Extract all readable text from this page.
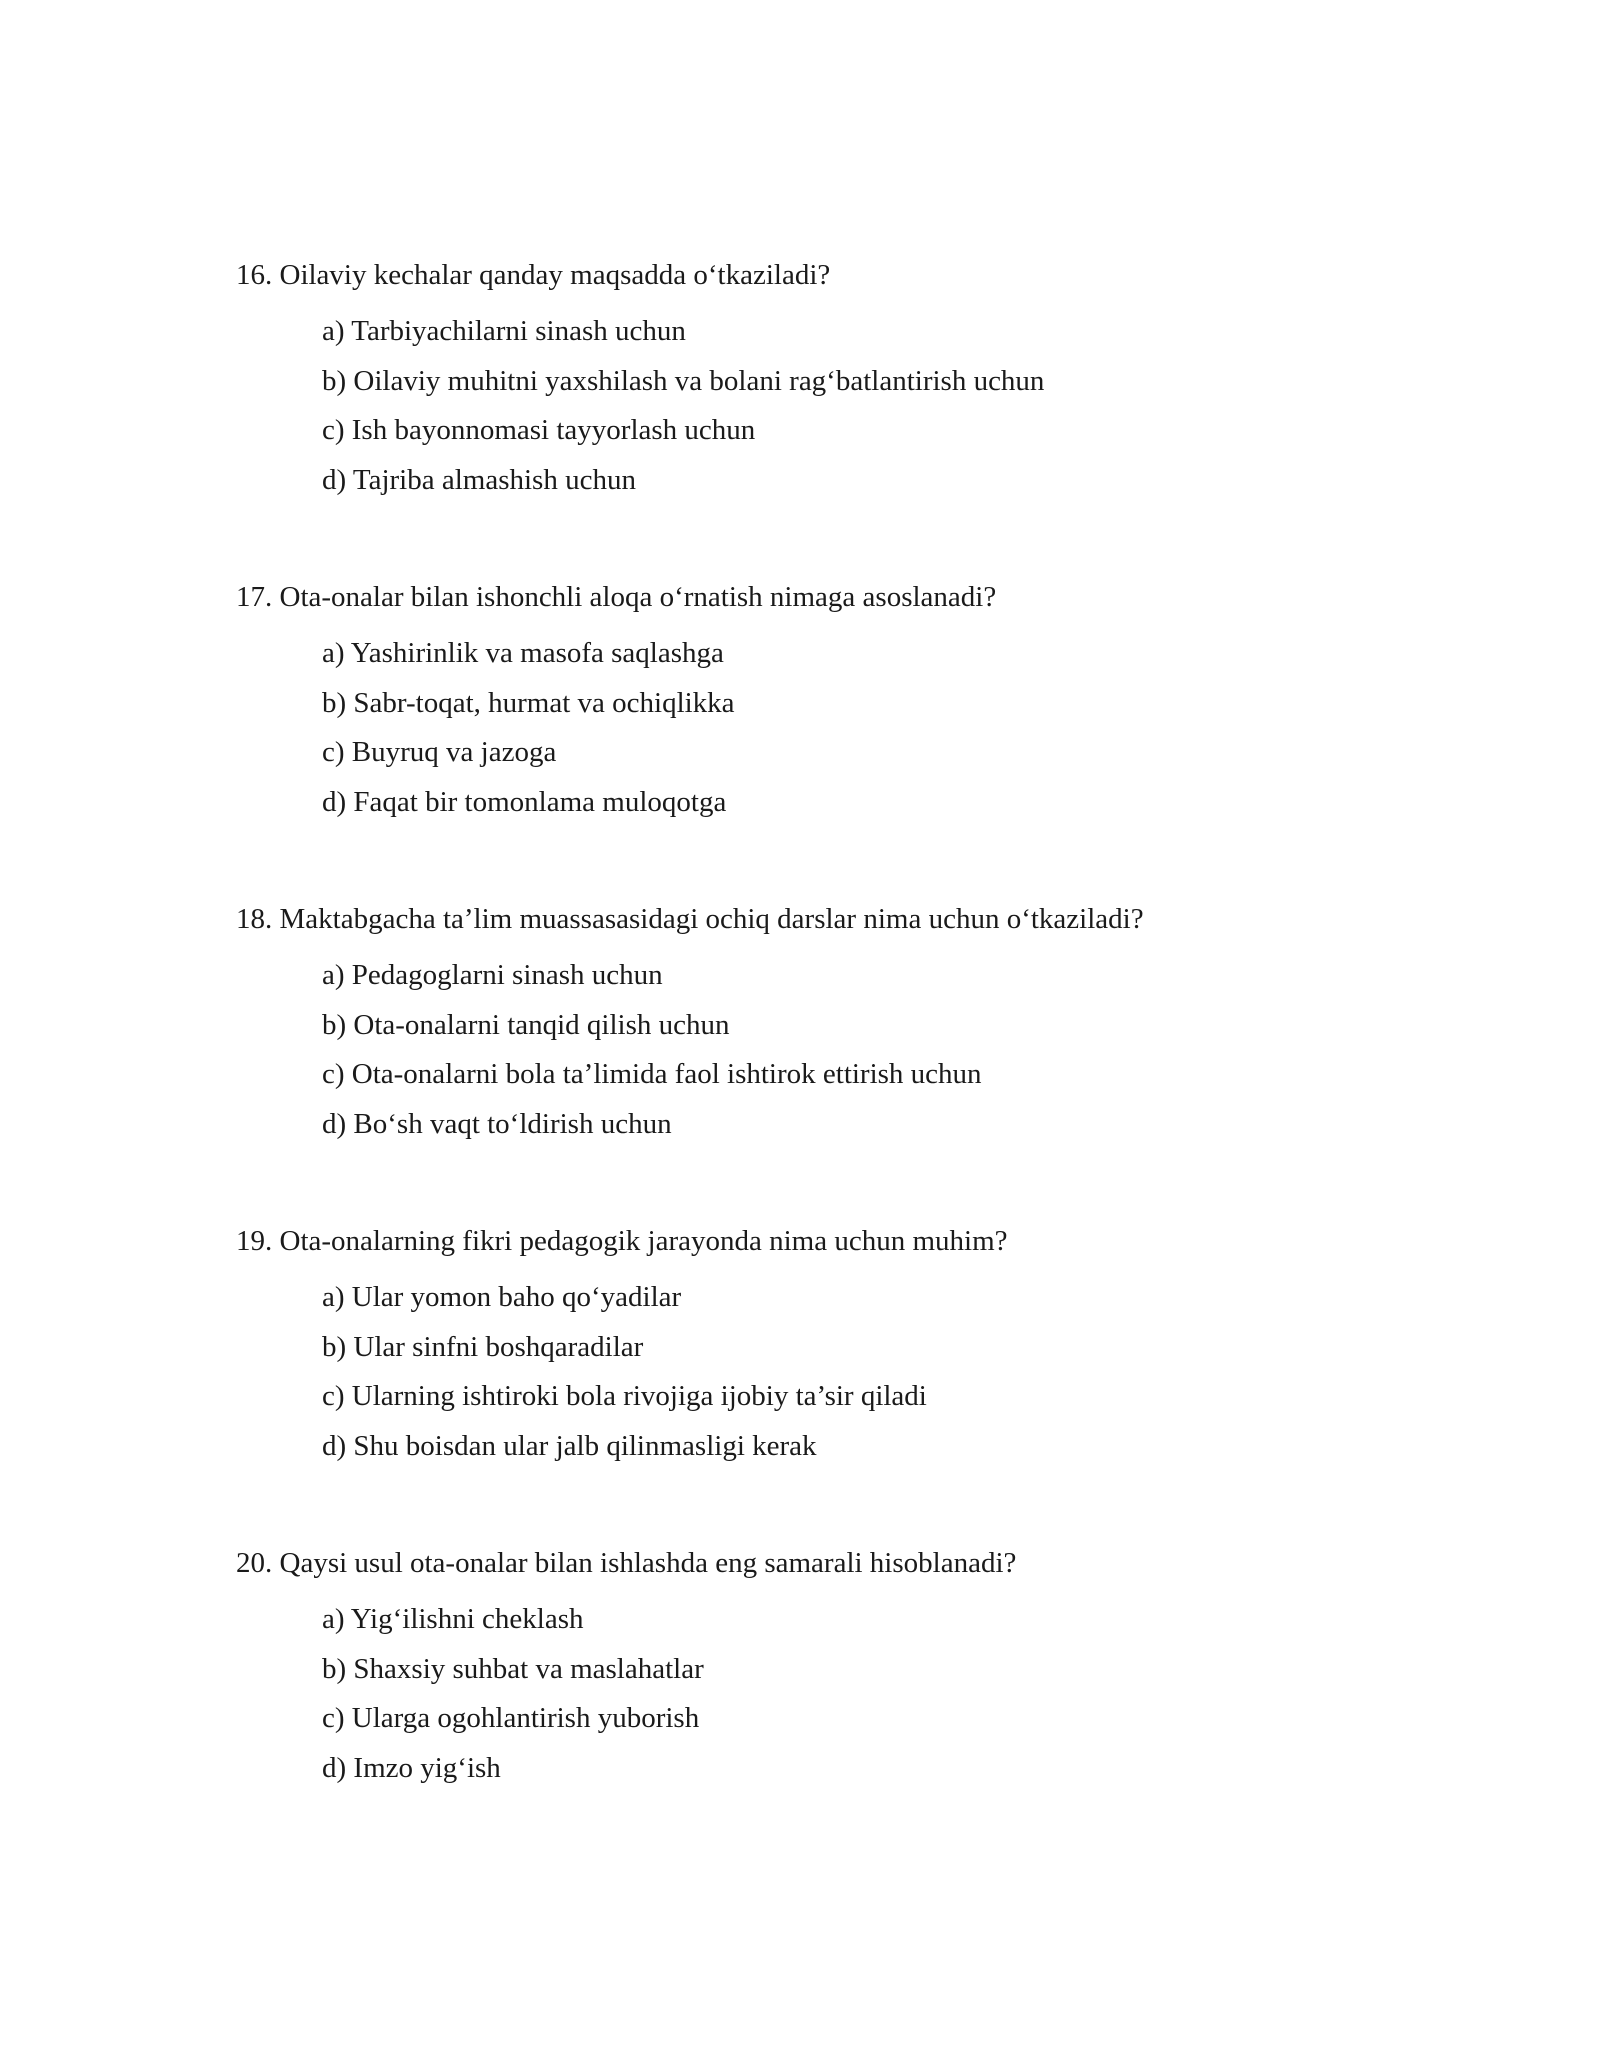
16. Oilaviy kechalar qanday maqsadda o‘tkaziladi?

a) Tarbiyachilarni sinash uchun
b) Oilaviy muhitni yaxshilash va bolani rag‘batlantirish uchun
c) Ish bayonnomasi tayyorlash uchun
d) Tajriba almashish uchun

17. Ota-onalar bilan ishonchli aloqa o‘rnatish nimaga asoslanadi?

a) Yashirinlik va masofa saqlashga
b) Sabr-toqat, hurmat va ochiqlikka
c) Buyruq va jazoga
d) Faqat bir tomonlama muloqotga

18. Maktabgacha ta’lim muassasasidagi ochiq darslar nima uchun o‘tkaziladi?

a) Pedagoglarni sinash uchun
b) Ota-onalarni tanqid qilish uchun
c) Ota-onalarni bola ta’limida faol ishtirok ettirish uchun
d) Bo‘sh vaqt to‘ldirish uchun

19. Ota-onalarning fikri pedagogik jarayonda nima uchun muhim?

a) Ular yomon baho qo‘yadilar
b) Ular sinfni boshqaradilar
c) Ularning ishtiroki bola rivojiga ijobiy ta’sir qiladi
d) Shu boisdan ular jalb qilinmasligi kerak

20. Qaysi usul ota-onalar bilan ishlashda eng samarali hisoblanadi?

a) Yig‘ilishni cheklash
b) Shaxsiy suhbat va maslahatlar
c) Ularga ogohlantirish yuborish
d) Imzo yig‘ish
